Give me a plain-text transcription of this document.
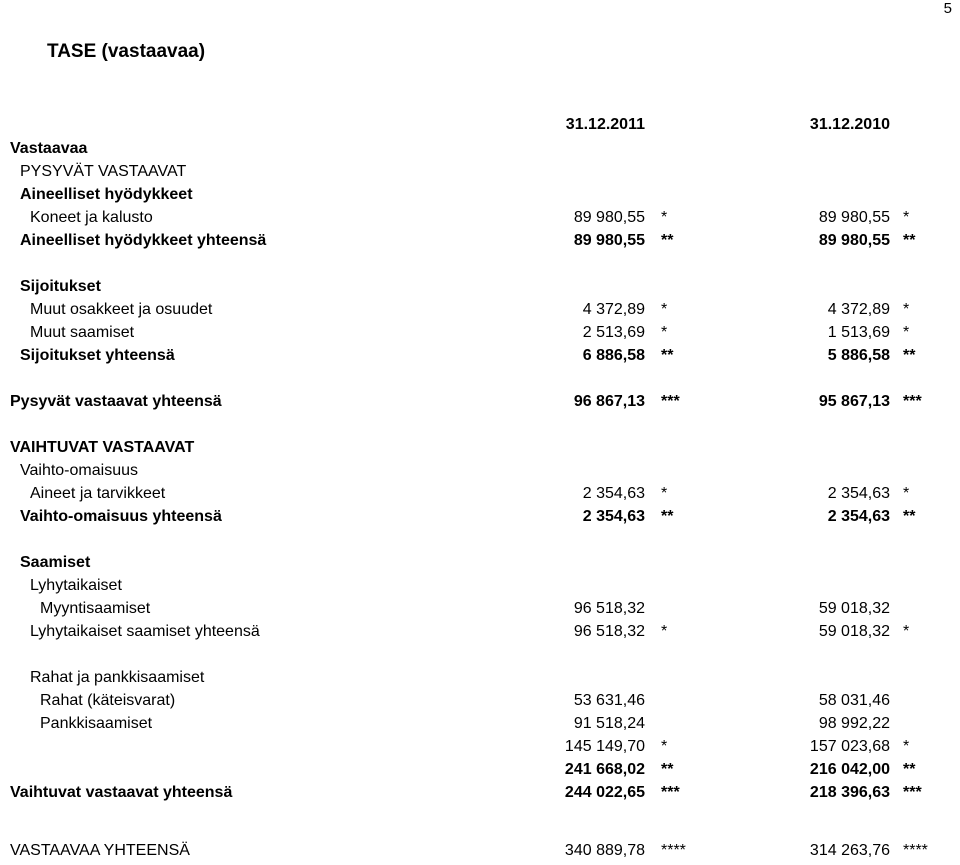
5
TASE (vastaavaa)
31.12.2011	31.12.2010
Vastaavaa
PYSYVÄT VASTAAVAT
Aineelliset hyödykkeet
Koneet ja kalusto	89 980,55 *	89 980,55 *
Aineelliset hyödykkeet yhteensä	89 980,55 **	89 980,55 **
Sijoitukset
Muut osakkeet ja osuudet	4 372,89 *	4 372,89 *
Muut saamiset	2 513,69 *	1 513,69 *
Sijoitukset yhteensä	6 886,58 **	5 886,58 **
Pysyvät vastaavat yhteensä	96 867,13 ***	95 867,13 ***
VAIHTUVAT VASTAAVAT
Vaihto-omaisuus
Aineet ja tarvikkeet	2 354,63 *	2 354,63 *
Vaihto-omaisuus yhteensä	2 354,63 **	2 354,63 **
Saamiset
Lyhytaikaiset
Myyntisaamiset	96 518,32	59 018,32
Lyhytaikaiset saamiset yhteensä	96 518,32 *	59 018,32 *
Rahat ja pankkisaamiset
Rahat (käteisvarat)	53 631,46	58 031,46
Pankkisaamiset	91 518,24	98 992,22
145 149,70 *	157 023,68 *
241 668,02 **	216 042,00 **
Vaihtuvat vastaavat yhteensä	244 022,65 ***	218 396,63 ***
VASTAAVAA YHTEENSÄ	340 889,78 ****	314 263,76 ****
